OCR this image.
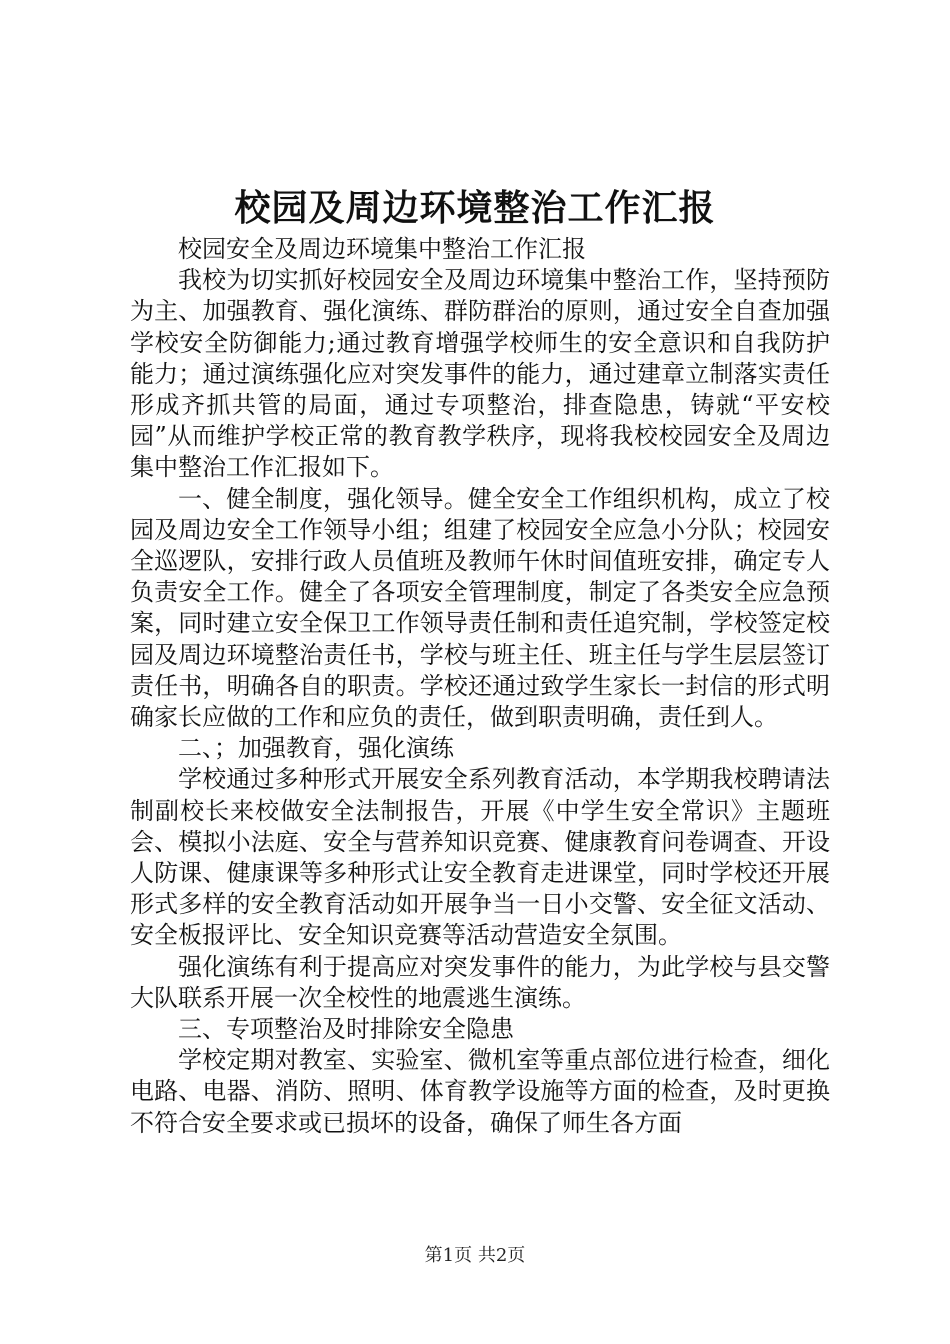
校园及周边环境整治工作汇报

校园安全及周边环境集中整治工作汇报

我校为切实抓好校园安全及周边环境集中整治工作，坚持预防为主、加强教育、强化演练、群防群治的原则，通过安全自查加强学校安全防御能力;通过教育增强学校师生的安全意识和自我防护能力；通过演练强化应对突发事件的能力，通过建章立制落实责任形成齐抓共管的局面，通过专项整治，排查隐患，铸就“平安校园”从而维护学校正常的教育教学秩序，现将我校校园安全及周边集中整治工作汇报如下。

一、健全制度，强化领导。健全安全工作组织机构，成立了校园及周边安全工作领导小组；组建了校园安全应急小分队；校园安全巡逻队，安排行政人员值班及教师午休时间值班安排，确定专人负责安全工作。健全了各项安全管理制度，制定了各类安全应急预案，同时建立安全保卫工作领导责任制和责任追究制，学校签定校园及周边环境整治责任书，学校与班主任、班主任与学生层层签订责任书，明确各自的职责。学校还通过致学生家长一封信的形式明确家长应做的工作和应负的责任，做到职责明确，责任到人。

二、；加强教育，强化演练

学校通过多种形式开展安全系列教育活动，本学期我校聘请法制副校长来校做安全法制报告，开展《中学生安全常识》主题班会、模拟小法庭、安全与营养知识竞赛、健康教育问卷调查、开设人防课、健康课等多种形式让安全教育走进课堂，同时学校还开展形式多样的安全教育活动如开展争当一日小交警、安全征文活动、安全板报评比、安全知识竞赛等活动营造安全氛围。

强化演练有利于提高应对突发事件的能力，为此学校与县交警大队联系开展一次全校性的地震逃生演练。

三、专项整治及时排除安全隐患

学校定期对教室、实验室、微机室等重点部位进行检查，细化电路、电器、消防、照明、体育教学设施等方面的检查，及时更换不符合安全要求或已损坏的设备，确保了师生各方面

第1页 共2页
